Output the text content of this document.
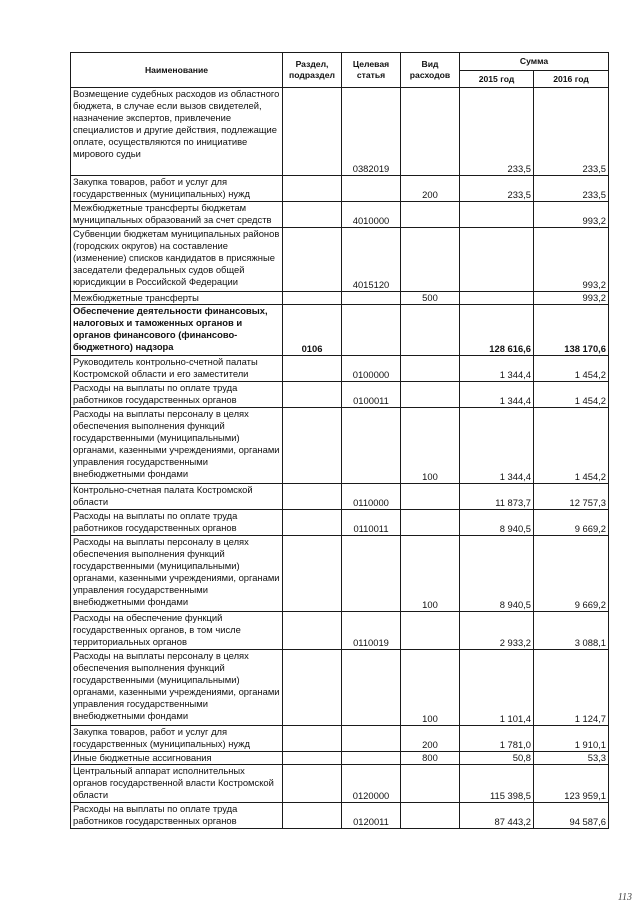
Наименование	Раздел, подраздел	Целевая статья	Вид расходов	Сумма	
				2015 год	2016 год
Возмещение судебных расходов из областного бюджета, в случае если вызов свидетелей, назначение экспертов, привлечение специалистов и другие действия, подлежащие оплате, осуществляются по инициативе мирового судьи		0382019		233,5	233,5
Закупка товаров, работ и услуг для государственных (муниципальных) нужд			200	233,5	233,5
Межбюджетные трансферты бюджетам муниципальных образований за счет средств		4010000			993,2
Субвенции бюджетам муниципальных районов (городских округов) на составление (изменение) списков кандидатов в присяжные заседатели федеральных судов общей юрисдикции в Российской Федерации		4015120			993,2
Межбюджетные трансферты			500		993,2
Обеспечение деятельности финансовых, налоговых и таможенных органов и органов финансового (финансово-бюджетного) надзора	0106			128 616,6	138 170,6
Руководитель контрольно-счетной палаты Костромской области и его заместители		0100000		1 344,4	1 454,2
Расходы на выплаты по оплате труда работников государственных органов		0100011		1 344,4	1 454,2
Расходы на выплаты персоналу в целях обеспечения выполнения функций государственными (муниципальными) органами, казенными учреждениями, органами управления государственными внебюджетными фондами			100	1 344,4	1 454,2
Контрольно-счетная палата Костромской области		0110000		11 873,7	12 757,3
Расходы на выплаты по оплате труда работников государственных органов		0110011		8 940,5	9 669,2
Расходы на выплаты персоналу в целях обеспечения выполнения функций государственными (муниципальными) органами, казенными учреждениями, органами управления государственными внебюджетными фондами			100	8 940,5	9 669,2
Расходы на обеспечение функций государственных органов, в том числе территориальных органов		0110019		2 933,2	3 088,1
Расходы на выплаты персоналу в целях обеспечения выполнения функций государственными (муниципальными) органами, казенными учреждениями, органами управления государственными внебюджетными фондами			100	1 101,4	1 124,7
Закупка товаров, работ и услуг для государственных (муниципальных) нужд			200	1 781,0	1 910,1
Иные бюджетные ассигнования			800	50,8	53,3
Центральный аппарат исполнительных органов государственной власти Костромской области		0120000		115 398,5	123 959,1
Расходы на выплаты по оплате труда работников государственных органов		0120011		87 443,2	94 587,6
113
